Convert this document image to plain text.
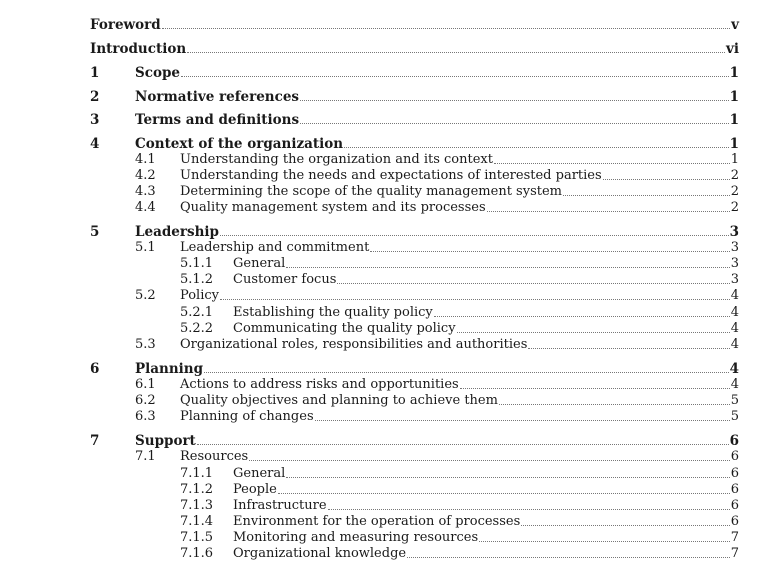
Foreword	v
Introduction	vi
1	Scope	1
2	Normative references	1
3	Terms and definitions	1
4	Context of the organization	1
4.1 Understanding the organization and its context	1
4.2 Understanding the needs and expectations of interested parties	2
4.3 Determining the scope of the quality management system	2
4.4 Quality management system and its processes	2
5	Leadership	3
5.1 Leadership and commitment	3
5.1.1 General	3
5.1.2 Customer focus	3
5.2 Policy	4
5.2.1 Establishing the quality policy	4
5.2.2 Communicating the quality policy	4
5.3 Organizational roles, responsibilities and authorities	4
6	Planning	4
6.1 Actions to address risks and opportunities	4
6.2 Quality objectives and planning to achieve them	5
6.3 Planning of changes	5
7	Support	6
7.1 Resources	6
7.1.1 General	6
7.1.2 People	6
7.1.3 Infrastructure	6
7.1.4 Environment for the operation of processes	6
7.1.5 Monitoring and measuring resources	7
7.1.6 Organizational knowledge	7
